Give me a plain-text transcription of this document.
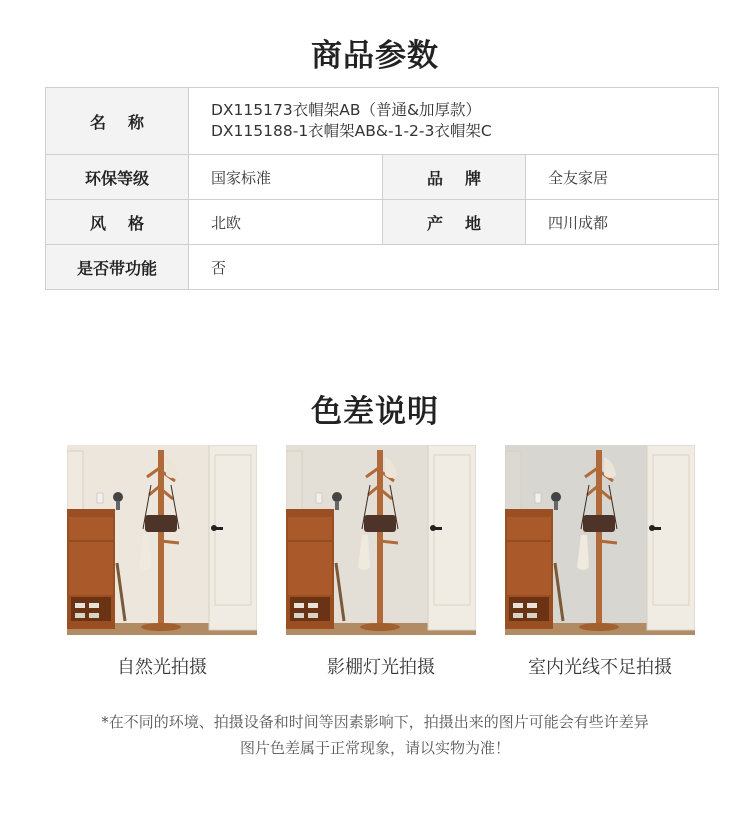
商品参数
名称	DX115173衣帽架AB（普通&加厚款）
DX115188-1衣帽架AB&-1-2-3衣帽架C		

环保等级	国家标准	品牌	全友家居
风格	北欧	产地	四川成都
是否带功能	否		
色差说明
自然光拍摄	影棚灯光拍摄	室内光线不足拍摄
*在不同的环境、拍摄设备和时间等因素影响下，拍摄出来的图片可能会有些许差异
图片色差属于正常现象，请以实物为准！
